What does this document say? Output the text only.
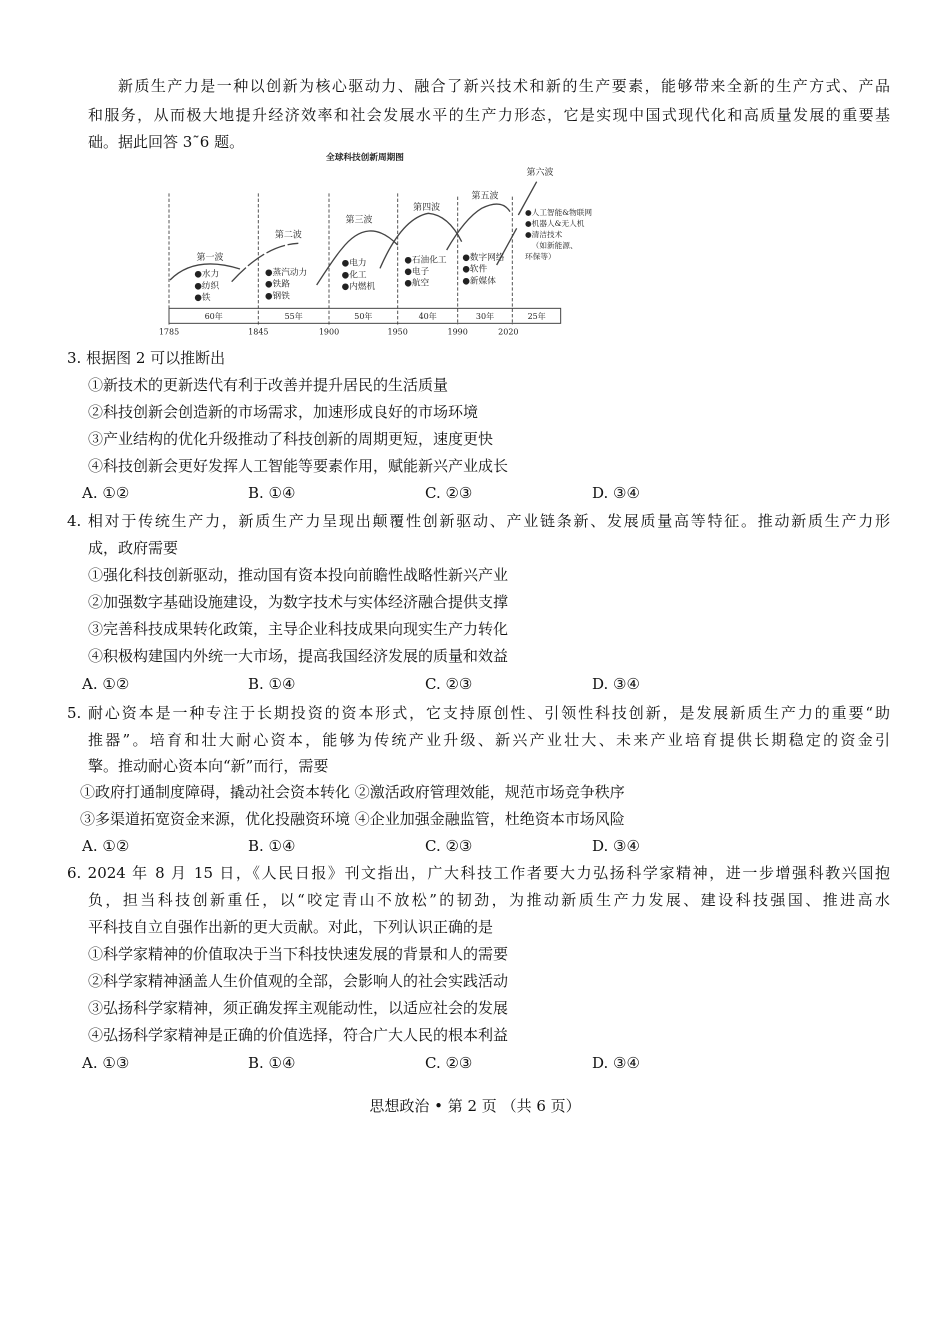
新质生产力是一种以创新为核心驱动力、融合了新兴技术和新的生产要素，能够带来全新的生产方式、产品
和服务，从而极大地提升经济效率和社会发展水平的生产力形态，它是实现中国式现代化和高质量发展的重要基
础。据此回答 3˜6 题。
全球科技创新周期图
第一波
第二波
第三波
第四波
第五波
第六波
●水力
●纺织
●铁
●蒸汽动力
●铁路
●钢铁
●电力
●化工
●内燃机
●石油化工
●电子
●航空
●数字网络
●软件
●新媒体
●人工智能&物联网
●机器人&无人机
●清洁技术
（如新能源、
环保等）
60年	55年 50年 40年 30年 25年
1785	1845 1900 1950 1990 2020
3. 根据图 2 可以推断出
①新技术的更新迭代有利于改善并提升居民的生活质量
②科技创新会创造新的市场需求，加速形成良好的市场环境
③产业结构的优化升级推动了科技创新的周期更短，速度更快
④科技创新会更好发挥人工智能等要素作用，赋能新兴产业成长
A. ①②	B. ①④	C. ②③	D. ③④
4. 相对于传统生产力，新质生产力呈现出颠覆性创新驱动、产业链条新、发展质量高等特征。推动新质生产力形
成，政府需要
①强化科技创新驱动，推动国有资本投向前瞻性战略性新兴产业
②加强数字基础设施建设，为数字技术与实体经济融合提供支撑
③完善科技成果转化政策，主导企业科技成果向现实生产力转化
④积极构建国内外统一大市场，提高我国经济发展的质量和效益
A. ①②	B. ①④	C. ②③	D. ③④
5. 耐心资本是一种专注于长期投资的资本形式，它支持原创性、引领性科技创新，是发展新质生产力的重要“助
推器”。培育和壮大耐心资本，能够为传统产业升级、新兴产业壮大、未来产业培育提供长期稳定的资金引
擎。推动耐心资本向“新”而行，需要
①政府打通制度障碍，撬动社会资本转化 ②激活政府管理效能，规范市场竞争秩序
③多渠道拓宽资金来源，优化投融资环境 ④企业加强金融监管，杜绝资本市场风险
A. ①②	B. ①④	C. ②③	D. ③④
6. 2024 年 8 月 15 日，《人民日报》刊文指出，广大科技工作者要大力弘扬科学家精神，进一步增强科教兴国抱
负，担当科技创新重任，以“咬定青山不放松”的韧劲，为推动新质生产力发展、建设科技强国、推进高水
平科技自立自强作出新的更大贡献。对此，下列认识正确的是
①科学家精神的价值取决于当下科技快速发展的背景和人的需要
②科学家精神涵盖人生价值观的全部，会影响人的社会实践活动
③弘扬科学家精神，须正确发挥主观能动性，以适应社会的发展
④弘扬科学家精神是正确的价值选择，符合广大人民的根本利益
A. ①③	B. ①④	C. ②③	D. ③④
思想政治 • 第 2 页 （共 6 页）
